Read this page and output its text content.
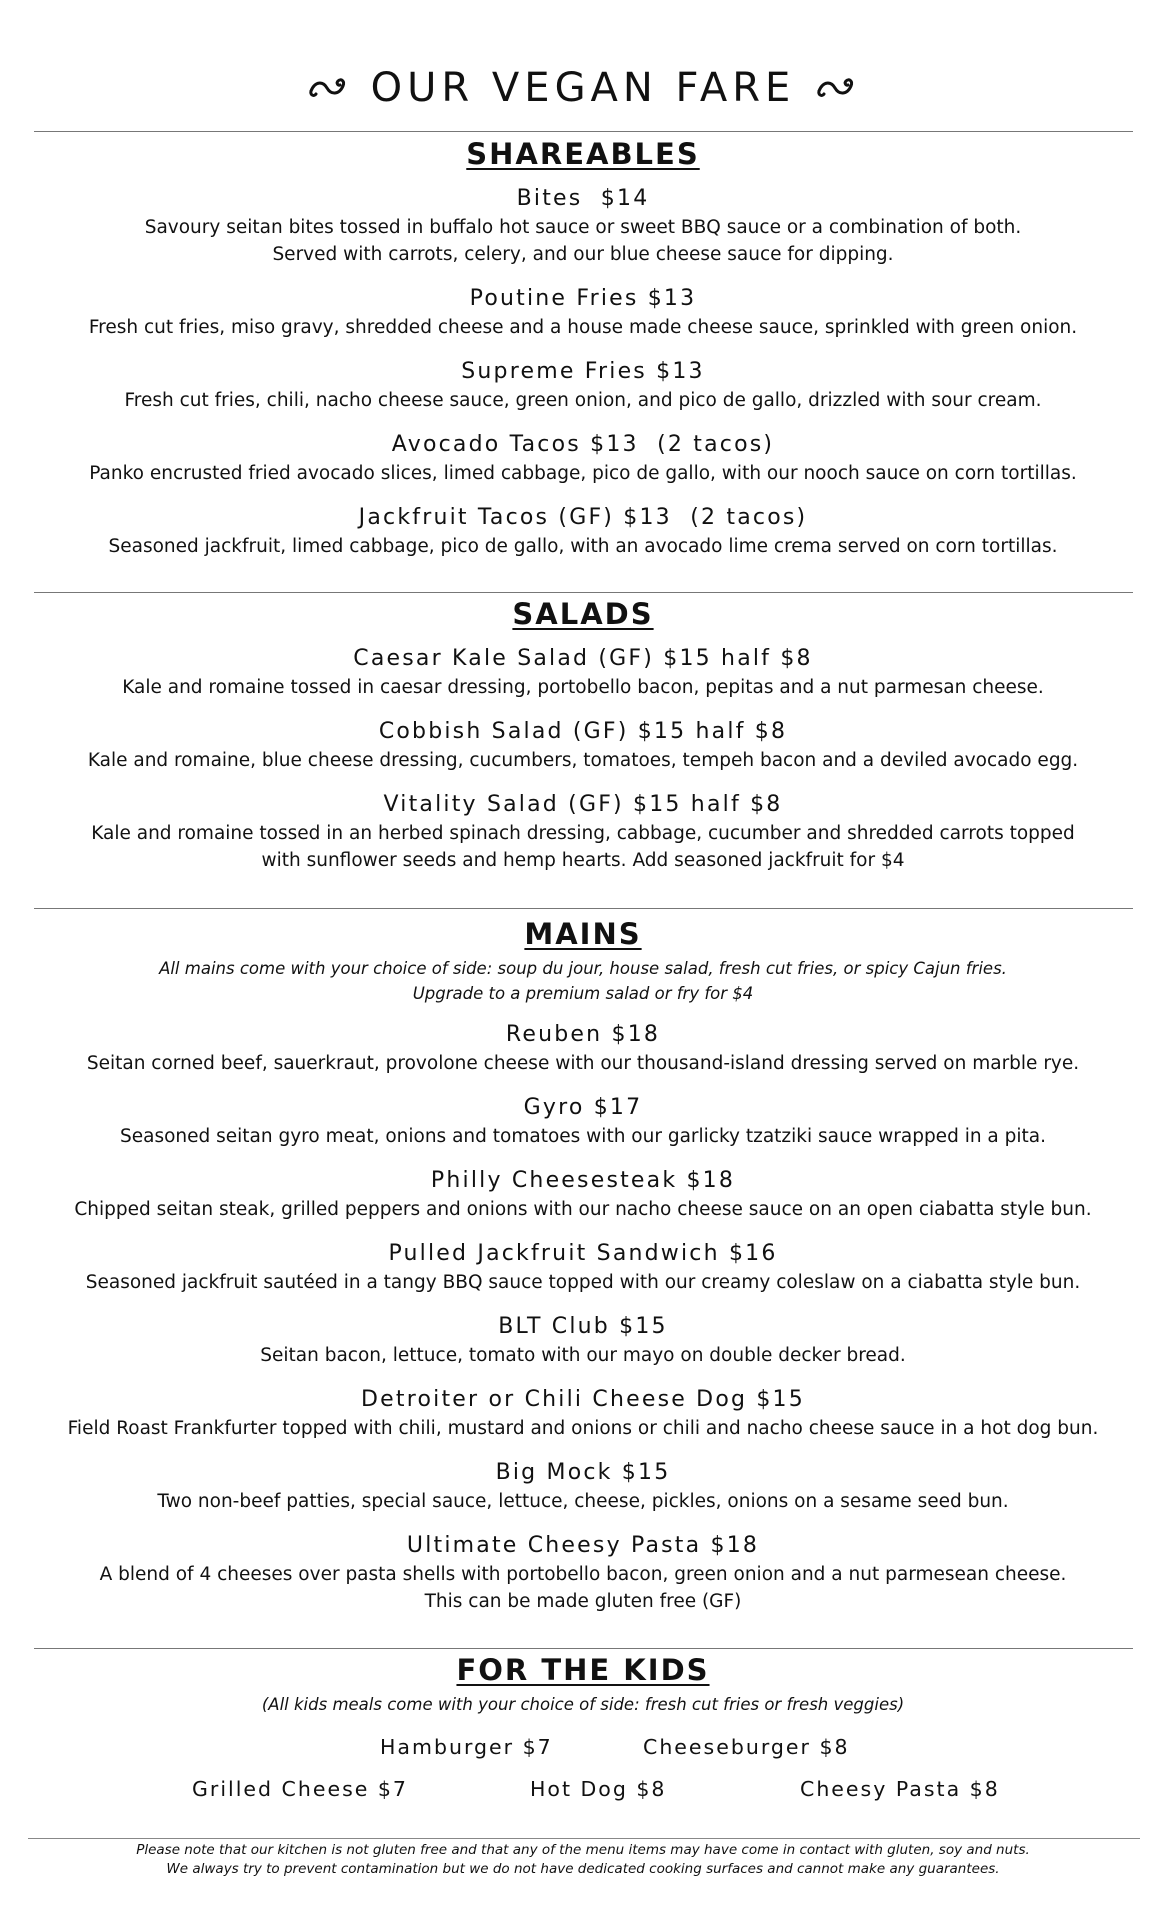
OUR VEGAN FARE
SHAREABLES

Bites  $14

Savoury seitan bites tossed in buffalo hot sauce or sweet BBQ sauce or a combination of both.

Served with carrots, celery, and our blue cheese sauce for dipping.

Poutine Fries $13

Fresh cut fries, miso gravy, shredded cheese and a house made cheese sauce, sprinkled with green onion.

Supreme Fries $13

Fresh cut fries, chili, nacho cheese sauce, green onion, and pico de gallo, drizzled with sour cream.

Avocado Tacos $13  (2 tacos)

Panko encrusted fried avocado slices, limed cabbage, pico de gallo, with our nooch sauce on corn tortillas.

Jackfruit Tacos (GF) $13  (2 tacos)

Seasoned jackfruit, limed cabbage, pico de gallo, with an avocado lime crema served on corn tortillas.

SALADS

Caesar Kale Salad (GF) $15 half $8

Kale and romaine tossed in caesar dressing, portobello bacon, pepitas and a nut parmesan cheese.

Cobbish Salad (GF) $15 half $8

Kale and romaine, blue cheese dressing, cucumbers, tomatoes, tempeh bacon and a deviled avocado egg.

Vitality Salad (GF) $15 half $8

Kale and romaine tossed in an herbed spinach dressing, cabbage, cucumber and shredded carrots topped

with sunflower seeds and hemp hearts. Add seasoned jackfruit for $4

MAINS

All mains come with your choice of side: soup du jour, house salad, fresh cut fries, or spicy Cajun fries.

Upgrade to a premium salad or fry for $4

Reuben $18

Seitan corned beef, sauerkraut, provolone cheese with our thousand-island dressing served on marble rye.

Gyro $17

Seasoned seitan gyro meat, onions and tomatoes with our garlicky tzatziki sauce wrapped in a pita.

Philly Cheesesteak $18

Chipped seitan steak, grilled peppers and onions with our nacho cheese sauce on an open ciabatta style bun.

Pulled Jackfruit Sandwich $16

Seasoned jackfruit sautéed in a tangy BBQ sauce topped with our creamy coleslaw on a ciabatta style bun.

BLT Club $15

Seitan bacon, lettuce, tomato with our mayo on double decker bread.

Detroiter or Chili Cheese Dog $15

Field Roast Frankfurter topped with chili, mustard and onions or chili and nacho cheese sauce in a hot dog bun.

Big Mock $15

Two non-beef patties, special sauce, lettuce, cheese, pickles, onions on a sesame seed bun.

Ultimate Cheesy Pasta $18

A blend of 4 cheeses over pasta shells with portobello bacon, green onion and a nut parmesean cheese.

This can be made gluten free (GF)

FOR THE KIDS

(All kids meals come with your choice of side: fresh cut fries or fresh veggies)

Hamburger $7	Cheeseburger $8
Grilled Cheese $7	Hot Dog $8	Cheesy Pasta $8
Please note that our kitchen is not gluten free and that any of the menu items may have come in contact with gluten, soy and nuts.
We always try to prevent contamination but we do not have dedicated cooking surfaces and cannot make any guarantees.
